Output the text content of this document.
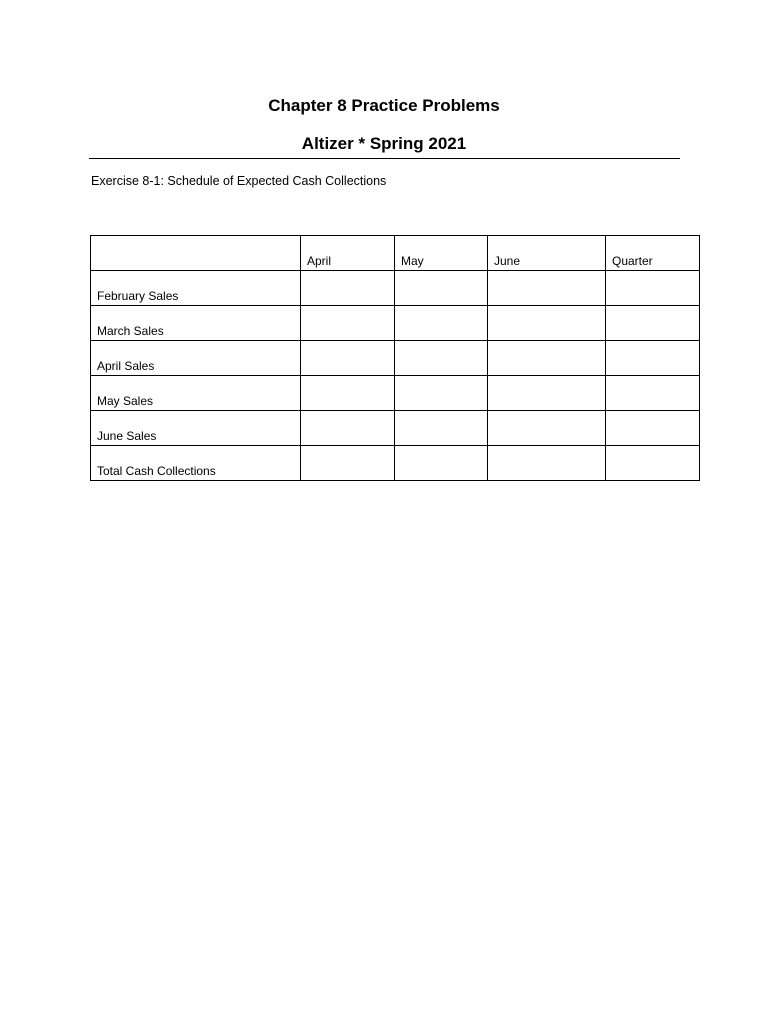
Chapter 8 Practice Problems
Altizer * Spring 2021
Exercise 8-1: Schedule of Expected Cash Collections
	April	May	June	Quarter
February Sales				
March Sales				
April Sales				
May Sales				
June Sales				
Total Cash Collections				
